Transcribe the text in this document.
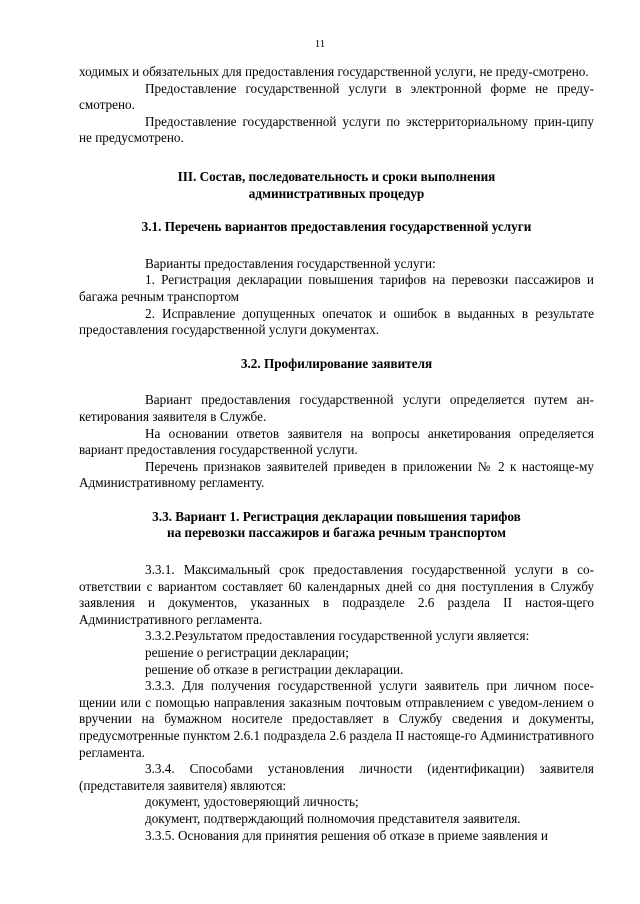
11

ходимых и обязательных для предоставления государственной услуги, не преду-смотрено.

Предоставление государственной услуги в электронной форме не преду-смотрено.

Предоставление государственной услуги по экстерриториальному прин-ципу не предусмотрено.

III. Состав, последовательность и сроки выполнения

административных процедур

3.1. Перечень вариантов предоставления государственной услуги

Варианты предоставления государственной услуги:

1. Регистрация декларации повышения тарифов на перевозки пассажиров и багажа речным транспортом

2. Исправление допущенных опечаток и ошибок в выданных в результате предоставления государственной услуги документах.

3.2. Профилирование заявителя

Вариант предоставления государственной услуги определяется путем ан-кетирования заявителя в Службе.

На основании ответов заявителя на вопросы анкетирования определяется вариант предоставления государственной услуги.

Перечень признаков заявителей приведен в приложении № 2 к настояще-му Административному регламенту.

3.3. Вариант 1. Регистрация декларации повышения тарифов

на перевозки пассажиров и багажа речным транспортом

3.3.1. Максимальный срок предоставления государственной услуги в со-ответствии с вариантом составляет 60 календарных дней со дня поступления в Службу заявления и документов, указанных в подразделе 2.6 раздела II настоя-щего Административного регламента.

3.3.2.Результатом предоставления государственной услуги является:

решение о регистрации декларации;

решение об отказе в регистрации декларации.

3.3.3. Для получения государственной услуги заявитель при личном посе-щении или с помощью направления заказным почтовым отправлением с уведом-лением о вручении на бумажном носителе предоставляет в Службу сведения и документы, предусмотренные пунктом 2.6.1 подраздела 2.6 раздела II настояще-го Административного регламента.

3.3.4. Способами установления личности (идентификации) заявителя (представителя заявителя) являются:

документ, удостоверяющий личность;

документ, подтверждающий полномочия представителя заявителя.

3.3.5. Основания для принятия решения об отказе в приеме заявления и
